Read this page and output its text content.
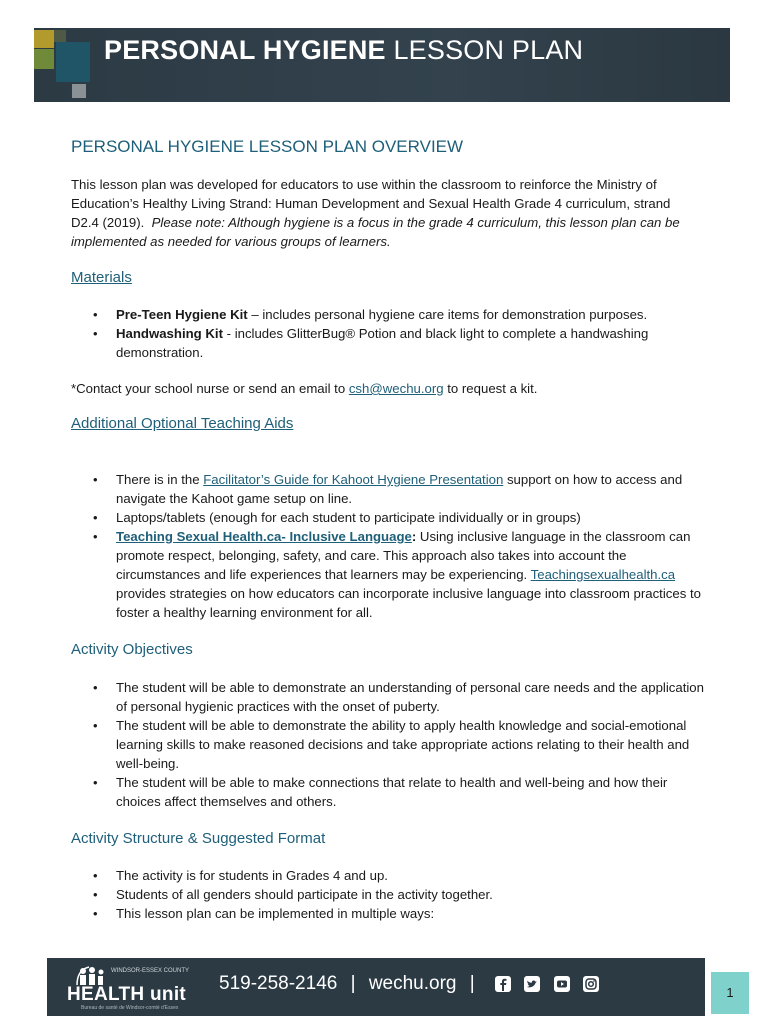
PERSONAL HYGIENE LESSON PLAN
PERSONAL HYGIENE LESSON PLAN OVERVIEW

This lesson plan was developed for educators to use within the classroom to reinforce the Ministry of
Education’s Healthy Living Strand: Human Development and Sexual Health Grade 4 curriculum, strand
D2.4 (2019). Please note: Although hygiene is a focus in the grade 4 curriculum, this lesson plan can be
implemented as needed for various groups of learners.

Materials
• Pre-Teen Hygiene Kit – includes personal hygiene care items for demonstration purposes.
• Handwashing Kit - includes GlitterBug® Potion and black light to complete a handwashing demonstration.

*Contact your school nurse or send an email to csh@wechu.org to request a kit.

Additional Optional Teaching Aids
• There is in the Facilitator’s Guide for Kahoot Hygiene Presentation support on how to access and navigate the Kahoot game setup on line.
• Laptops/tablets (enough for each student to participate individually or in groups)
• Teaching Sexual Health.ca- Inclusive Language: Using inclusive language in the classroom can promote respect, belonging, safety, and care. This approach also takes into account the circumstances and life experiences that learners may be experiencing. Teachingsexualhealth.ca provides strategies on how educators can incorporate inclusive language into classroom practices to foster a healthy learning environment for all.
Activity Objectives
• The student will be able to demonstrate an understanding of personal care needs and the application of personal hygienic practices with the onset of puberty.
• The student will be able to demonstrate the ability to apply health knowledge and social-emotional learning skills to make reasoned decisions and take appropriate actions relating to their health and well-being.
• The student will be able to make connections that relate to health and well-being and how their choices affect themselves and others.
Activity Structure & Suggested Format
• The activity is for students in Grades 4 and up.
• Students of all genders should participate in the activity together.
• This lesson plan can be implemented in multiple ways:
WINDSOR-ESSEX COUNTY
HEALTH unit
Bureau de santé de Windsor-comté d'Essex
519-258-2146 | wechu.org |	1
